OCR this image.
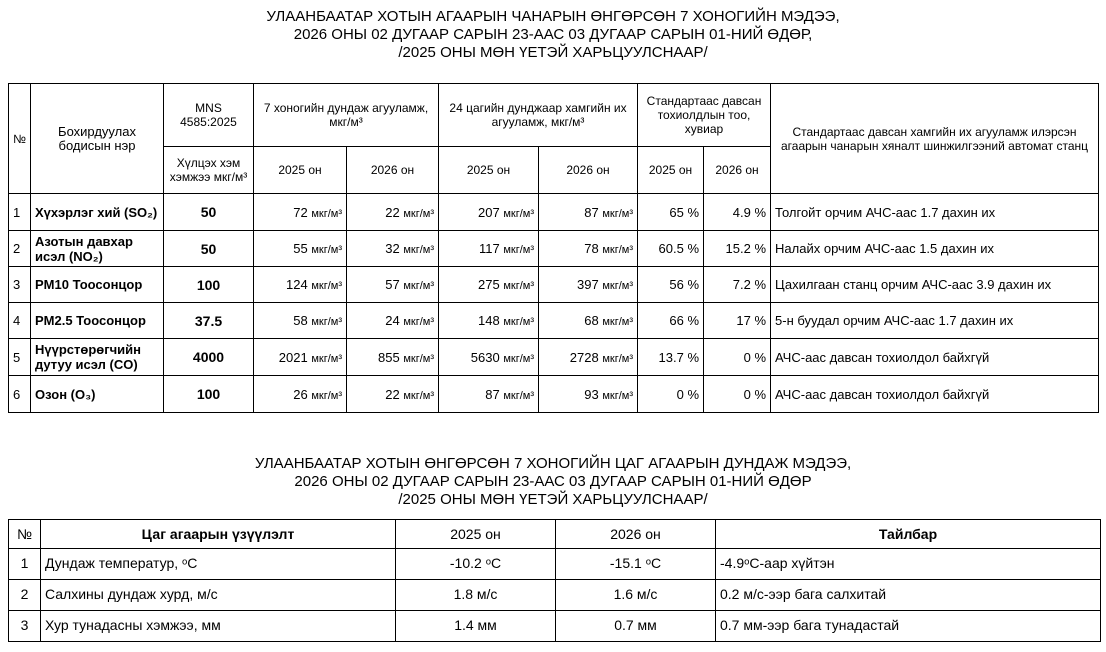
УЛААНБААТАР ХОТЫН АГААРЫН ЧАНАРЫН ӨНГӨРСӨН 7 ХОНОГИЙН МЭДЭЭ,
2026 ОНЫ 02 ДУГААР САРЫН 23-ААС 03 ДУГААР САРЫН 01-НИЙ ӨДӨР,
/2025 ОНЫ МӨН ҮЕТЭЙ ХАРЬЦУУЛСНААР/
№	Бохирдуулах бодисын нэр	MNS 4585:2025	7 хоногийн дундаж агууламж, мкг/м³		24 цагийн дунджаар хамгийн их агууламж, мкг/м³		Стандартаас давсан тохиолдлын тоо, хувиар		Стандартаас давсан хамгийн их агууламж илэрсэн агаарын чанарын хяналт шинжилгээний автомат станц
		Хүлцэх хэм хэмжээ мкг/м³	2025 он	2026 он	2025 он	2026 он	2025 он	2026 он	
1	Хүхэрлэг хий (SO₂)	50	72 мкг/м³	22 мкг/м³	207 мкг/м³	87 мкг/м³	65 %	4.9 %	Толгойт орчим АЧС-аас 1.7 дахин их
2	Азотын давхар исэл (NO₂)	50	55 мкг/м³	32 мкг/м³	117 мкг/м³	78 мкг/м³	60.5 %	15.2 %	Налайх орчим АЧС-аас 1.5 дахин их
3	PM10 Тоосонцор	100	124 мкг/м³	57 мкг/м³	275 мкг/м³	397 мкг/м³	56 %	7.2 %	Цахилгаан станц орчим АЧС-аас 3.9 дахин их
4	PM2.5 Тоосонцор	37.5	58 мкг/м³	24 мкг/м³	148 мкг/м³	68 мкг/м³	66 %	17 %	5-н буудал орчим АЧС-аас 1.7 дахин их
5	Нүүрстөрөгчийн дутуу исэл (CO)	4000	2021 мкг/м³	855 мкг/м³	5630 мкг/м³	2728 мкг/м³	13.7 %	0 %	АЧС-аас давсан тохиолдол байхгүй
6	Озон (O₃)	100	26 мкг/м³	22 мкг/м³	87 мкг/м³	93 мкг/м³	0 %	0 %	АЧС-аас давсан тохиолдол байхгүй
УЛААНБААТАР ХОТЫН ӨНГӨРСӨН 7 ХОНОГИЙН ЦАГ АГААРЫН ДУНДАЖ МЭДЭЭ,
2026 ОНЫ 02 ДУГААР САРЫН 23-ААС 03 ДУГААР САРЫН 01-НИЙ ӨДӨР
/2025 ОНЫ МӨН ҮЕТЭЙ ХАРЬЦУУЛСНААР/
№	Цаг агаарын үзүүлэлт	2025 он	2026 он	Тайлбар
1	Дундаж температур, ᵒC	-10.2 ᵒC	-15.1 ᵒC	-4.9ᵒC-аар хүйтэн
2	Салхины дундаж хурд, м/с	1.8 м/с	1.6 м/с	0.2 м/с-ээр бага салхитай
3	Хур тунадасны хэмжээ, мм	1.4 мм	0.7 мм	0.7 мм-ээр бага тунадастай
